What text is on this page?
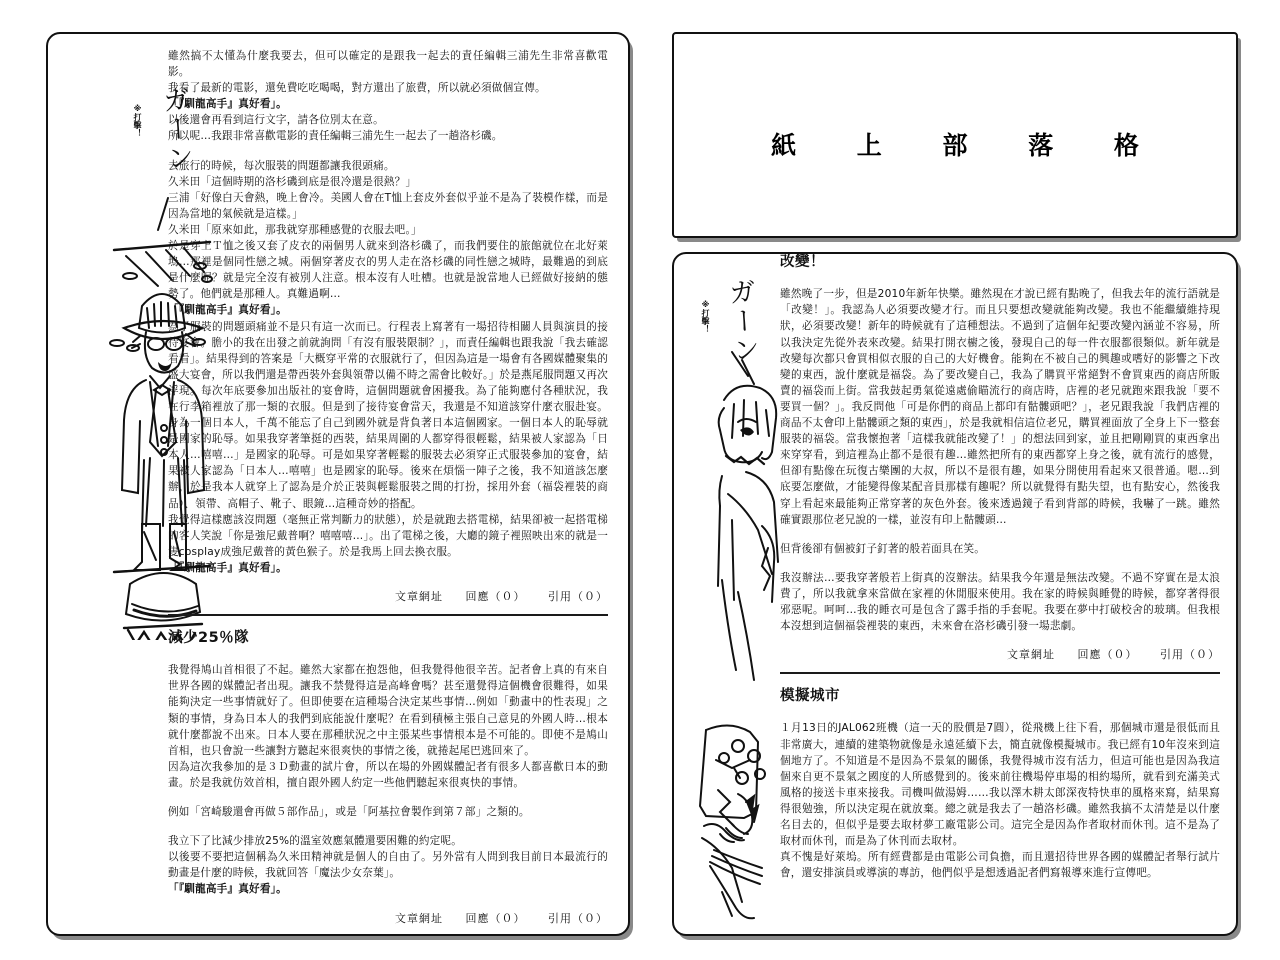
ガーン
※打擊！

雖然搞不太懂為什麼我要去，但可以確定的是跟我一起去的責任編輯三浦先生非常喜歡電影。

我看了最新的電影，還免費吃吃喝喝，對方還出了旅費，所以就必須做個宣傳。

「『馴龍高手』真好看」。

以後還會再看到這行文字，請各位別太在意。

所以呢…我跟非常喜歡電影的責任編輯三浦先生一起去了一趟洛杉磯。

去旅行的時候，每次服裝的問題都讓我很頭痛。

久米田「這個時期的洛杉磯到底是很冷還是很熱？」

三浦「好像白天會熱，晚上會冷。美國人會在T恤上套皮外套似乎並不是為了裝模作樣，而是因為當地的氣候就是這樣。」

久米田「原來如此，那我就穿那種感覺的衣服去吧。」

於是穿上Ｔ恤之後又套了皮衣的兩個男人就來到洛杉磯了，而我們要住的旅館就位在北好萊塢…那裡是個同性戀之城。兩個穿著皮衣的男人走在洛杉磯的同性戀之城時，最難過的到底是什麼呢？就是完全沒有被別人注意。根本沒有人吐槽。也就是說當地人已經做好接納的態勢了。他們就是那種人。真難過啊…

「『馴龍高手』真好看」。

為了服裝的問題頭痛並不是只有這一次而已。行程表上寫著有一場招待相關人員與演員的接待宴會。膽小的我在出發之前就詢問「有沒有服裝限制？」，而責任編輯也跟我說「我去確認看看」。結果得到的答案是「大概穿平常的衣服就行了，但因為這是一場會有各國媒體聚集的盛大宴會，所以我們還是帶西裝外套與領帶以備不時之需會比較好。」於是燕尾服問題又再次浮現。每次年底要參加出版社的宴會時，這個問題就會困擾我。為了能夠應付各種狀況，我在行李箱裡放了那一類的衣服。但是到了接待宴會當天，我還是不知道該穿什麼衣服赴宴。身為一個日本人，千萬不能忘了自己到國外就是背負著日本這個國家。一個日本人的恥辱就是國家的恥辱。如果我穿著筆挺的西裝，結果周圍的人都穿得很輕鬆，結果被人家認為「日本人…嘻嘻…」是國家的恥辱。可是如果穿著輕鬆的服裝去必須穿正式服裝參加的宴會，結果被人家認為「日本人…嘻嘻」也是國家的恥辱。後來在煩惱一陣子之後，我不知道該怎麼辦，於是我本人就穿上了認為是介於正裝與輕鬆服裝之間的打扮，採用外套（福袋裡裝的商品）、領帶、高帽子、靴子、眼鏡…這種奇妙的搭配。

我覺得這樣應該沒問題（毫無正常判斷力的狀態），於是就跑去搭電梯，結果卻被一起搭電梯的客人笑說「你是強尼戴普啊？嘻嘻嘻…」。出了電梯之後，大廳的鏡子裡照映出來的就是一隻cosplay成強尼戴普的黃色猴子。於是我馬上回去換衣服。

「『馴龍高手』真好看」。

文章網址 回應（０） 引用（０）
減少25％隊

我覺得鳩山首相很了不起。雖然大家都在抱怨他，但我覺得他很辛苦。記者會上真的有來自世界各國的媒體記者出現。讓我不禁覺得這是高峰會嗎？甚至還覺得這個機會很難得，如果能夠決定一些事情就好了。但即使要在這種場合決定某些事情…例如「動畫中的性表現」之類的事情，身為日本人的我們到底能說什麼呢？在看到積極主張自己意見的外國人時…根本就什麼都說不出來。日本人要在那種狀況之中主張某些事情根本是不可能的。即使不是鳩山首相，也只會說一些讓對方聽起來很爽快的事情之後，就捲起尾巴逃回來了。

因為這次我參加的是３Ｄ動畫的試片會，所以在場的外國媒體記者有很多人都喜歡日本的動畫。於是我就仿效首相，擅自跟外國人約定一些他們聽起來很爽快的事情。

例如「宮崎駿還會再做５部作品」，或是「阿基拉會製作到第７部」之類的。

我立下了比減少排放25%的溫室效應氣體還要困難的約定呢。

以後要不要把這個稱為久米田精神就是個人的自由了。另外當有人問到我目前日本最流行的動畫是什麼的時候，我就回答「魔法少女奈葉」。

「『馴龍高手』真好看」。

文章網址 回應（０） 引用（０）
紙 上 部 落 格
ガーン
※打擊！
改變！

雖然晚了一步，但是2010年新年快樂。雖然現在才說已經有點晚了，但我去年的流行語就是「改變！」。我認為人必須要改變才行。而且只要想改變就能夠改變。我也不能繼續維持現狀，必須要改變！新年的時候就有了這種想法。不過到了這個年紀要改變內涵並不容易，所以我決定先從外表來改變。結果打開衣櫥之後，發現自己的每一件衣服都很類似。新年就是改變每次都只會買相似衣服的自己的大好機會。能夠在不被自己的興趣或嗜好的影響之下改變的東西，說什麼就是福袋。為了要改變自己，我為了購買平常絕對不會買東西的商店所販賣的福袋而上街。當我鼓起勇氣從遠處偷瞄流行的商店時，店裡的老兄就跑來跟我說「要不要買一個？」。我反問他「可是你們的商品上都印有骷髏頭吧？」，老兄跟我說「我們店裡的商品不太會印上骷髏頭之類的東西」，於是我就相信這位老兄，購買裡面放了全身上下一整套服裝的福袋。當我懷抱著「這樣我就能改變了！」的想法回到家，並且把剛剛買的東西拿出來穿穿看，到這裡為止都不是很有趣…雖然把所有的東西都穿上身之後，就有流行的感覺，但卻有點像在玩復古樂團的大叔，所以不是很有趣，如果分開使用看起來又很普通。嗯…到底要怎麼做，才能變得像某配音員那樣有趣呢？所以就覺得有點失望，也有點安心，然後我穿上看起來最能夠正常穿著的灰色外套。後來透過鏡子看到背部的時候，我嚇了一跳。雖然確實跟那位老兄說的一樣，並沒有印上骷髏頭…

但背後卻有個被釘子釘著的般若面具在笑。

我沒辦法…要我穿著般若上街真的沒辦法。結果我今年還是無法改變。不過不穿實在是太浪費了，所以我就拿來當做在家裡的休閒服來使用。我在家的時候與睡覺的時候，都穿著得很邪惡呢。呵呵…我的睡衣可是包含了露手指的手套呢。我要在夢中打破校舍的玻璃。但我根本沒想到這個福袋裡裝的東西，未來會在洛杉磯引發一場悲劇。

文章網址 回應（０） 引用（０）
模擬城市

１月13日的JAL062班機（這一天的股價是7圓），從飛機上往下看，那個城市還是很低而且非常廣大，連續的建築物就像是永遠延續下去，簡直就像模擬城市。我已經有10年沒來到這個地方了。不知道是不是因為不景氣的關係，我覺得城市沒有活力，但這可能也是因為我這個來自更不景氣之國度的人所感覺到的。後來前往機場停車場的相約場所，就看到充滿美式風格的接送卡車來接我。司機叫做湯姆……我以澤木耕太郎深夜特快車的風格來寫，結果寫得很勉強，所以決定現在就放棄。總之就是我去了一趟洛杉磯。雖然我搞不太清楚是以什麼名目去的，但似乎是要去取材夢工廠電影公司。這完全是因為作者取材而休刊。這不是為了取材而休刊，而是為了休刊而去取材。

真不愧是好萊塢。所有經費都是由電影公司負擔，而且還招待世界各國的媒體記者舉行試片會，還安排演員或導演的專訪，他們似乎是想透過記者們寫報導來進行宣傳吧。
